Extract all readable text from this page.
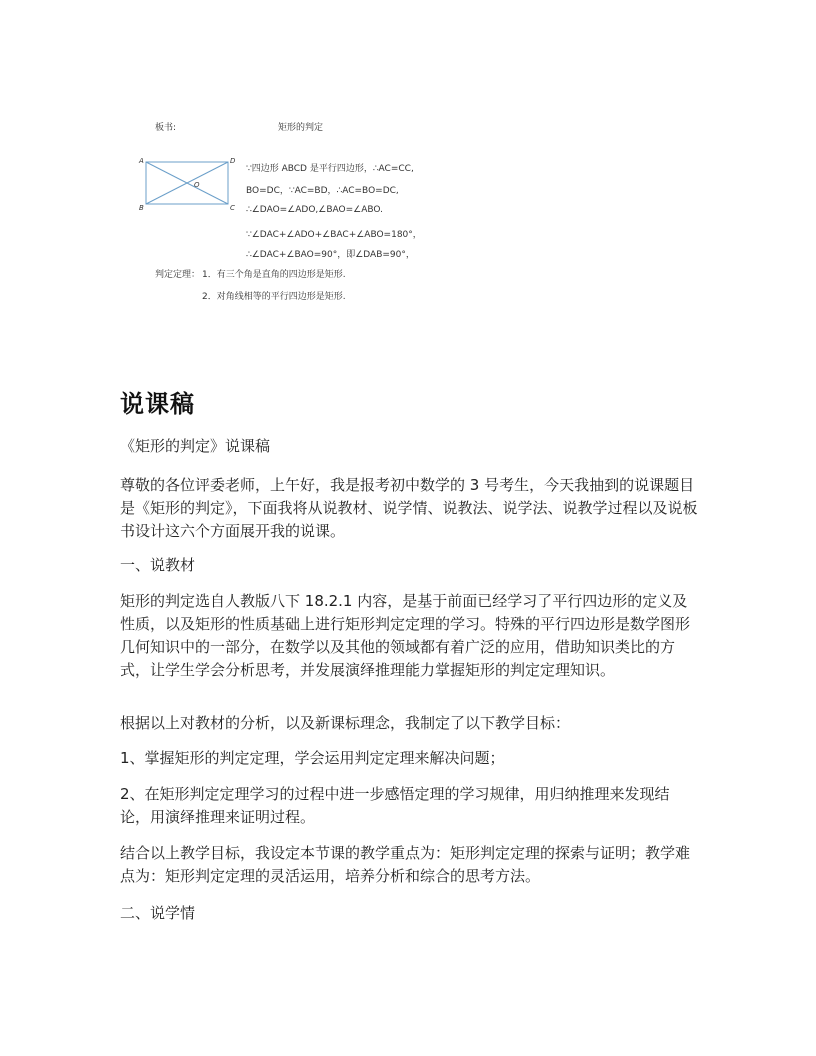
板书:	矩形的判定
A	D
B	C
O
∵四边形 ABCD 是平行四边形，∴AC=CC,
BO=DC，∵AC=BD，∴AC=BO=DC,
∴∠DAO=∠ADO,∠BAO=∠ABO.
∵∠DAC+∠ADO+∠BAC+∠ABO=180°，
∴∠DAC+∠BAO=90°，即∠DAB=90°，
判定定理： 1．有三个角是直角的四边形是矩形.
2．对角线相等的平行四边形是矩形.
说课稿

《矩形的判定》说课稿

尊敬的各位评委老师，上午好，我是报考初中数学的 3 号考生，今天我抽到的说课题目是《矩形的判定》，下面我将从说教材、说学情、说教法、说学法、说教学过程以及说板书设计这六个方面展开我的说课。

一、说教材

矩形的判定选自人教版八下 18.2.1 内容，是基于前面已经学习了平行四边形的定义及性质，以及矩形的性质基础上进行矩形判定定理的学习。特殊的平行四边形是数学图形几何知识中的一部分，在数学以及其他的领域都有着广泛的应用，借助知识类比的方式，让学生学会分析思考，并发展演绎推理能力掌握矩形的判定定理知识。

根据以上对教材的分析，以及新课标理念，我制定了以下教学目标：

1、掌握矩形的判定定理，学会运用判定定理来解决问题；

2、在矩形判定定理学习的过程中进一步感悟定理的学习规律，用归纳推理来发现结论，用演绎推理来证明过程。

结合以上教学目标，我设定本节课的教学重点为：矩形判定定理的探索与证明；教学难点为：矩形判定定理的灵活运用，培养分析和综合的思考方法。

二、说学情
